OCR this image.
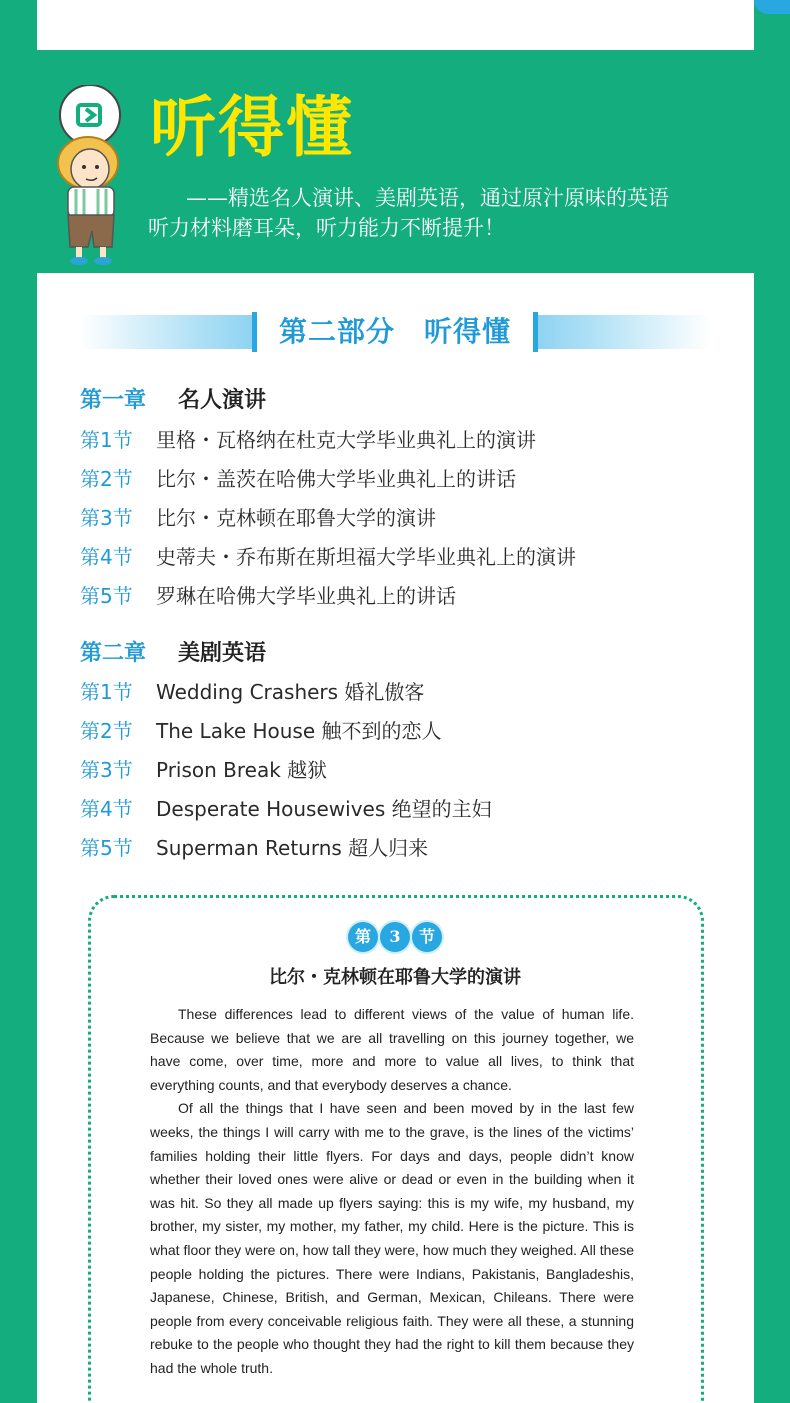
听得懂
——精选名人演讲、美剧英语，通过原汁原味的英语
听力材料磨耳朵，听力能力不断提升！
第二部分　听得懂
第一章 名人演讲
第1节 里格・瓦格纳在杜克大学毕业典礼上的演讲
第2节 比尔・盖茨在哈佛大学毕业典礼上的讲话
第3节 比尔・克林顿在耶鲁大学的演讲
第4节 史蒂夫・乔布斯在斯坦福大学毕业典礼上的演讲
第5节 罗琳在哈佛大学毕业典礼上的讲话
第二章 美剧英语
第1节 Wedding Crashers 婚礼傲客
第2节 The Lake House 触不到的恋人
第3节 Prison Break 越狱
第4节 Desperate Housewives 绝望的主妇
第5节 Superman Returns 超人归来
第 3 节
比尔・克林顿在耶鲁大学的演讲

These differences lead to different views of the value of human life. Because we believe that we are all travelling on this journey together, we have come, over time, more and more to value all lives, to think that everything counts, and that everybody deserves a chance.

Of all the things that I have seen and been moved by in the last few weeks, the things I will carry with me to the grave, is the lines of the victims’ families holding their little flyers. For days and days, people didn’t know whether their loved ones were alive or dead or even in the building when it was hit. So they all made up flyers saying: this is my wife, my husband, my brother, my sister, my mother, my father, my child. Here is the picture. This is what floor they were on, how tall they were, how much they weighed. All these people holding the pictures. There were Indians, Pakistanis, Bangladeshis, Japanese, Chinese, British, and German, Mexican, Chileans. There were people from every conceivable religious faith. They were all these, a stunning rebuke to the people who thought they had the right to kill them because they had the whole truth.
